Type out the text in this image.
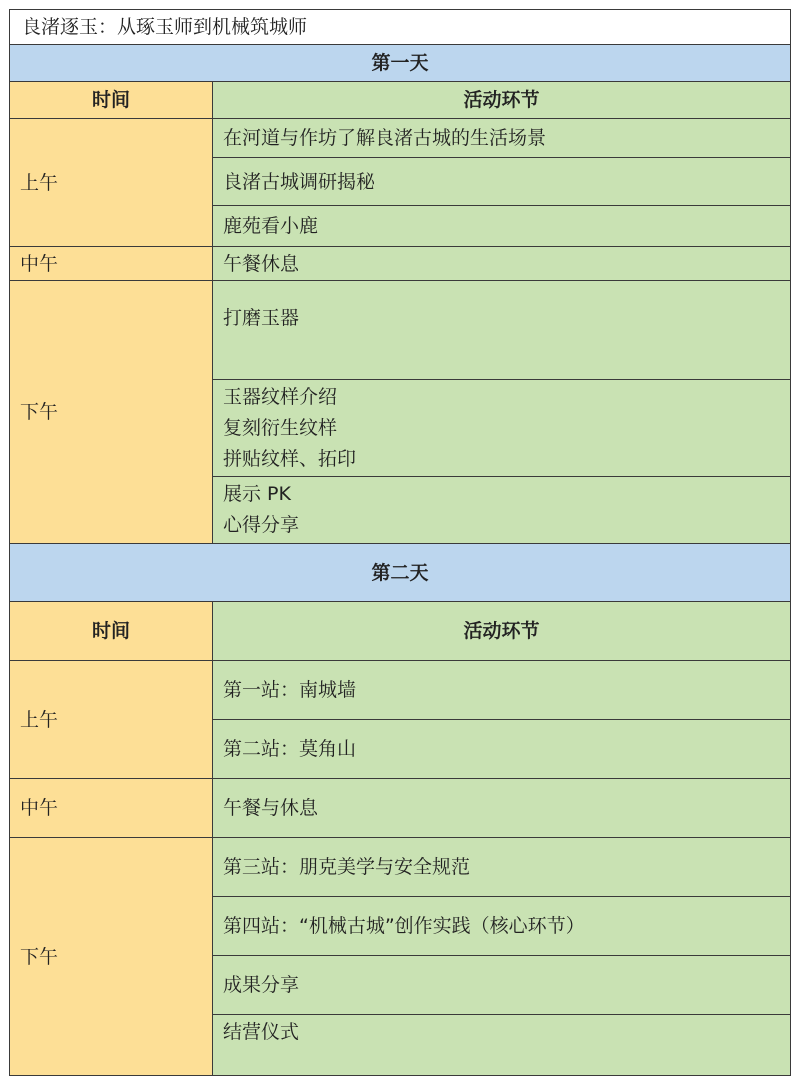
良渚逐玉：从琢玉师到机械筑城师	
第一天	
时间	活动环节
上午	在河道与作坊了解良渚古城的生活场景
	良渚古城调研揭秘
	鹿苑看小鹿
中午	午餐休息
下午	打磨玉器

	玉器纹样介绍
复刻衍生纹样
拼贴纹样、拓印

	展示 PK
心得分享

第二天	
时间	活动环节
上午	第一站：南城墙
	第二站：莫角山
中午	午餐与休息
下午	第三站：朋克美学与安全规范
	第四站：“机械古城”创作实践（核心环节）
	成果分享
	结营仪式
